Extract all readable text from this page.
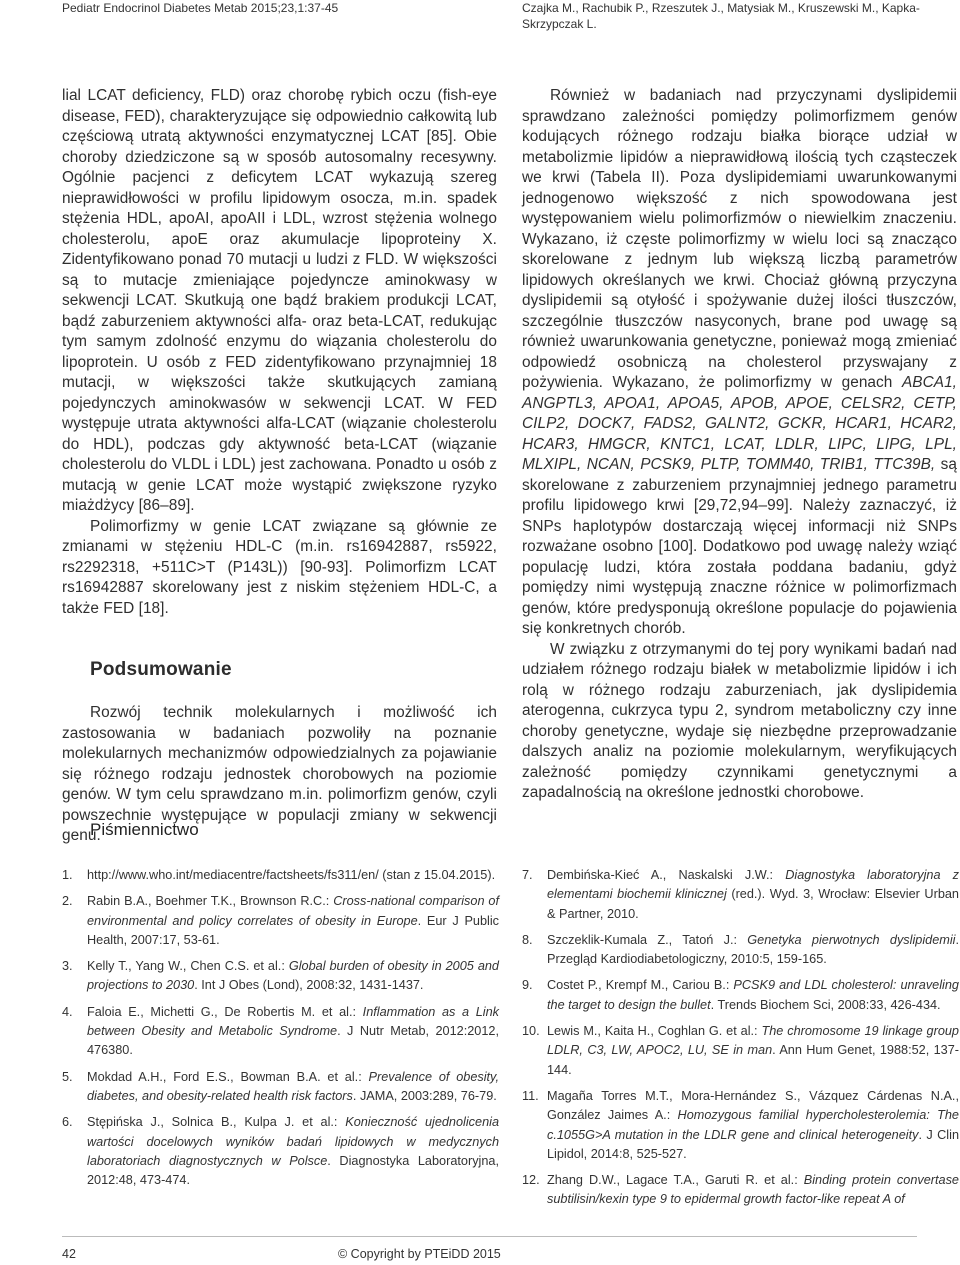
Pediatr Endocrinol Diabetes Metab 2015;23,1:37-45	Czajka M., Rachubik P., Rzeszutek J., Matysiak M., Kruszewski M., Kapka-Skrzypczak L.

lial LCAT deficiency, FLD) oraz chorobę rybich oczu (fish-eye disease, FED), charakteryzujące się odpowiednio całkowitą lub częściową utratą aktywności enzymatycznej LCAT [85]. Obie choroby dziedziczone są w sposób autosomalny recesywny. Ogólnie pacjenci z deficytem LCAT wykazują szereg nieprawidłowości w profilu lipidowym osocza, m.in. spadek stężenia HDL, apoAI, apoAII i LDL, wzrost stężenia wolnego cholesterolu, apoE oraz akumulacje lipoproteiny X. Zidentyfikowano ponad 70 mutacji u ludzi z FLD. W większości są to mutacje zmieniające pojedyncze aminokwasy w sekwencji LCAT. Skutkują one bądź brakiem produkcji LCAT, bądź zaburzeniem aktywności alfa- oraz beta-LCAT, redukując tym samym zdolność enzymu do wiązania cholesterolu do lipoprotein. U osób z FED zidentyfikowano przynajmniej 18 mutacji, w większości także skutkujących zamianą pojedynczych aminokwasów w sekwencji LCAT. W FED występuje utrata aktywności alfa-LCAT (wiązanie cholesterolu do HDL), podczas gdy aktywność beta-LCAT (wiązanie cholesterolu do VLDL i LDL) jest zachowana. Ponadto u osób z mutacją w genie LCAT może wystąpić zwiększone ryzyko miażdżycy [86–89].

Polimorfizmy w genie LCAT związane są głównie ze zmianami w stężeniu HDL-C (m.in. rs16942887, rs5922, rs2292318, +511C>T (P143L)) [90-93]. Polimorfizm LCAT rs16942887 skorelowany jest z niskim stężeniem HDL-C, a także FED [18].

Podsumowanie

Rozwój technik molekularnych i możliwość ich zastosowania w badaniach pozwoliły na poznanie molekularnych mechanizmów odpowiedzialnych za pojawianie się różnego rodzaju jednostek chorobowych na poziomie genów. W tym celu sprawdzano m.in. polimorfizm genów, czyli powszechnie występujące w populacji zmiany w sekwencji genu.

Również w badaniach nad przyczynami dyslipidemii sprawdzano zależności pomiędzy polimorfizmem genów kodujących różnego rodzaju białka biorące udział w metabolizmie lipidów a nieprawidłową ilością tych cząsteczek we krwi (Tabela II). Poza dyslipidemiami uwarunkowanymi jednogenowo większość z nich spowodowana jest występowaniem wielu polimorfizmów o niewielkim znaczeniu. Wykazano, iż częste polimorfizmy w wielu loci są znacząco skorelowane z jednym lub większą liczbą parametrów lipidowych określanych we krwi. Chociaż główną przyczyna dyslipidemii są otyłość i spożywanie dużej ilości tłuszczów, szczególnie tłuszczów nasyconych, brane pod uwagę są również uwarunkowania genetyczne, ponieważ mogą zmieniać odpowiedź osobniczą na cholesterol przyswajany z pożywienia. Wykazano, że polimorfizmy w genach ABCA1, ANGPTL3, APOA1, APOA5, APOB, APOE, CELSR2, CETP, CILP2, DOCK7, FADS2, GALNT2, GCKR, HCAR1, HCAR2, HCAR3, HMGCR, KNTC1, LCAT, LDLR, LIPC, LIPG, LPL, MLXIPL, NCAN, PCSK9, PLTP, TOMM40, TRIB1, TTC39B, są skorelowane z zaburzeniem przynajmniej jednego parametru profilu lipidowego krwi [29,72,94–99]. Należy zaznaczyć, iż SNPs haplotypów dostarczają więcej informacji niż SNPs rozważane osobno [100]. Dodatkowo pod uwagę należy wziąć populację ludzi, która została poddana badaniu, gdyż pomiędzy nimi występują znaczne różnice w polimorfizmach genów, które predysponują określone populacje do pojawienia się konkretnych chorób.

W związku z otrzymanymi do tej pory wynikami badań nad udziałem różnego rodzaju białek w metabolizmie lipidów i ich rolą w różnego rodzaju zaburzeniach, jak dyslipidemia aterogenna, cukrzyca typu 2, syndrom metaboliczny czy inne choroby genetyczne, wydaje się niezbędne przeprowadzanie dalszych analiz na poziomie molekularnym, weryfikujących zależność pomiędzy czynnikami genetycznymi a zapadalnością na określone jednostki chorobowe.

Piśmiennictwo
1.	http://www.who.int/mediacentre/factsheets/fs311/en/ (stan z 15.04.2015).
2.	Rabin B.A., Boehmer T.K., Brownson R.C.: Cross-national comparison of environmental and policy correlates of obesity in Europe. Eur J Public Health, 2007:17, 53-61.
3.	Kelly T., Yang W., Chen C.S. et al.: Global burden of obesity in 2005 and projections to 2030. Int J Obes (Lond), 2008:32, 1431-1437.
4.	Faloia E., Michetti G., De Robertis M. et al.: Inflammation as a Link between Obesity and Metabolic Syndrome. J Nutr Metab, 2012:2012, 476380.
5.	Mokdad A.H., Ford E.S., Bowman B.A. et al.: Prevalence of obesity, diabetes, and obesity-related health risk factors. JAMA, 2003:289, 76-79.
6.	Stępińska J., Solnica B., Kulpa J. et al.: Konieczność ujednolicenia wartości docelowych wyników badań lipidowych w medycznych laboratoriach diagnostycznych w Polsce. Diagnostyka Laboratoryjna, 2012:48, 473-474.
7.	Dembińska-Kieć A., Naskalski J.W.: Diagnostyka laboratoryjna z elementami biochemii klinicznej (red.). Wyd. 3, Wrocław: Elsevier Urban & Partner, 2010.
8.	Szczeklik-Kumala Z., Tatoń J.: Genetyka pierwotnych dyslipidemii. Przegląd Kardiodiabetologiczny, 2010:5, 159-165.
9.	Costet P., Krempf M., Cariou B.: PCSK9 and LDL cholesterol: unraveling the target to design the bullet. Trends Biochem Sci, 2008:33, 426-434.
10. Lewis M., Kaita H., Coghlan G. et al.: The chromosome 19 linkage group LDLR, C3, LW, APOC2, LU, SE in man. Ann Hum Genet, 1988:52, 137-144.
11. Magaña Torres M.T., Mora-Hernández S., Vázquez Cárdenas N.A., González Jaimes A.: Homozygous familial hypercholesterolemia: The c.1055G>A mutation in the LDLR gene and clinical heterogeneity. J Clin Lipidol, 2014:8, 525-527.
12. Zhang D.W., Lagace T.A., Garuti R. et al.: Binding protein convertase subtilisin/kexin type 9 to epidermal growth factor-like repeat A of
42	© Copyright by PTEiDD 2015
